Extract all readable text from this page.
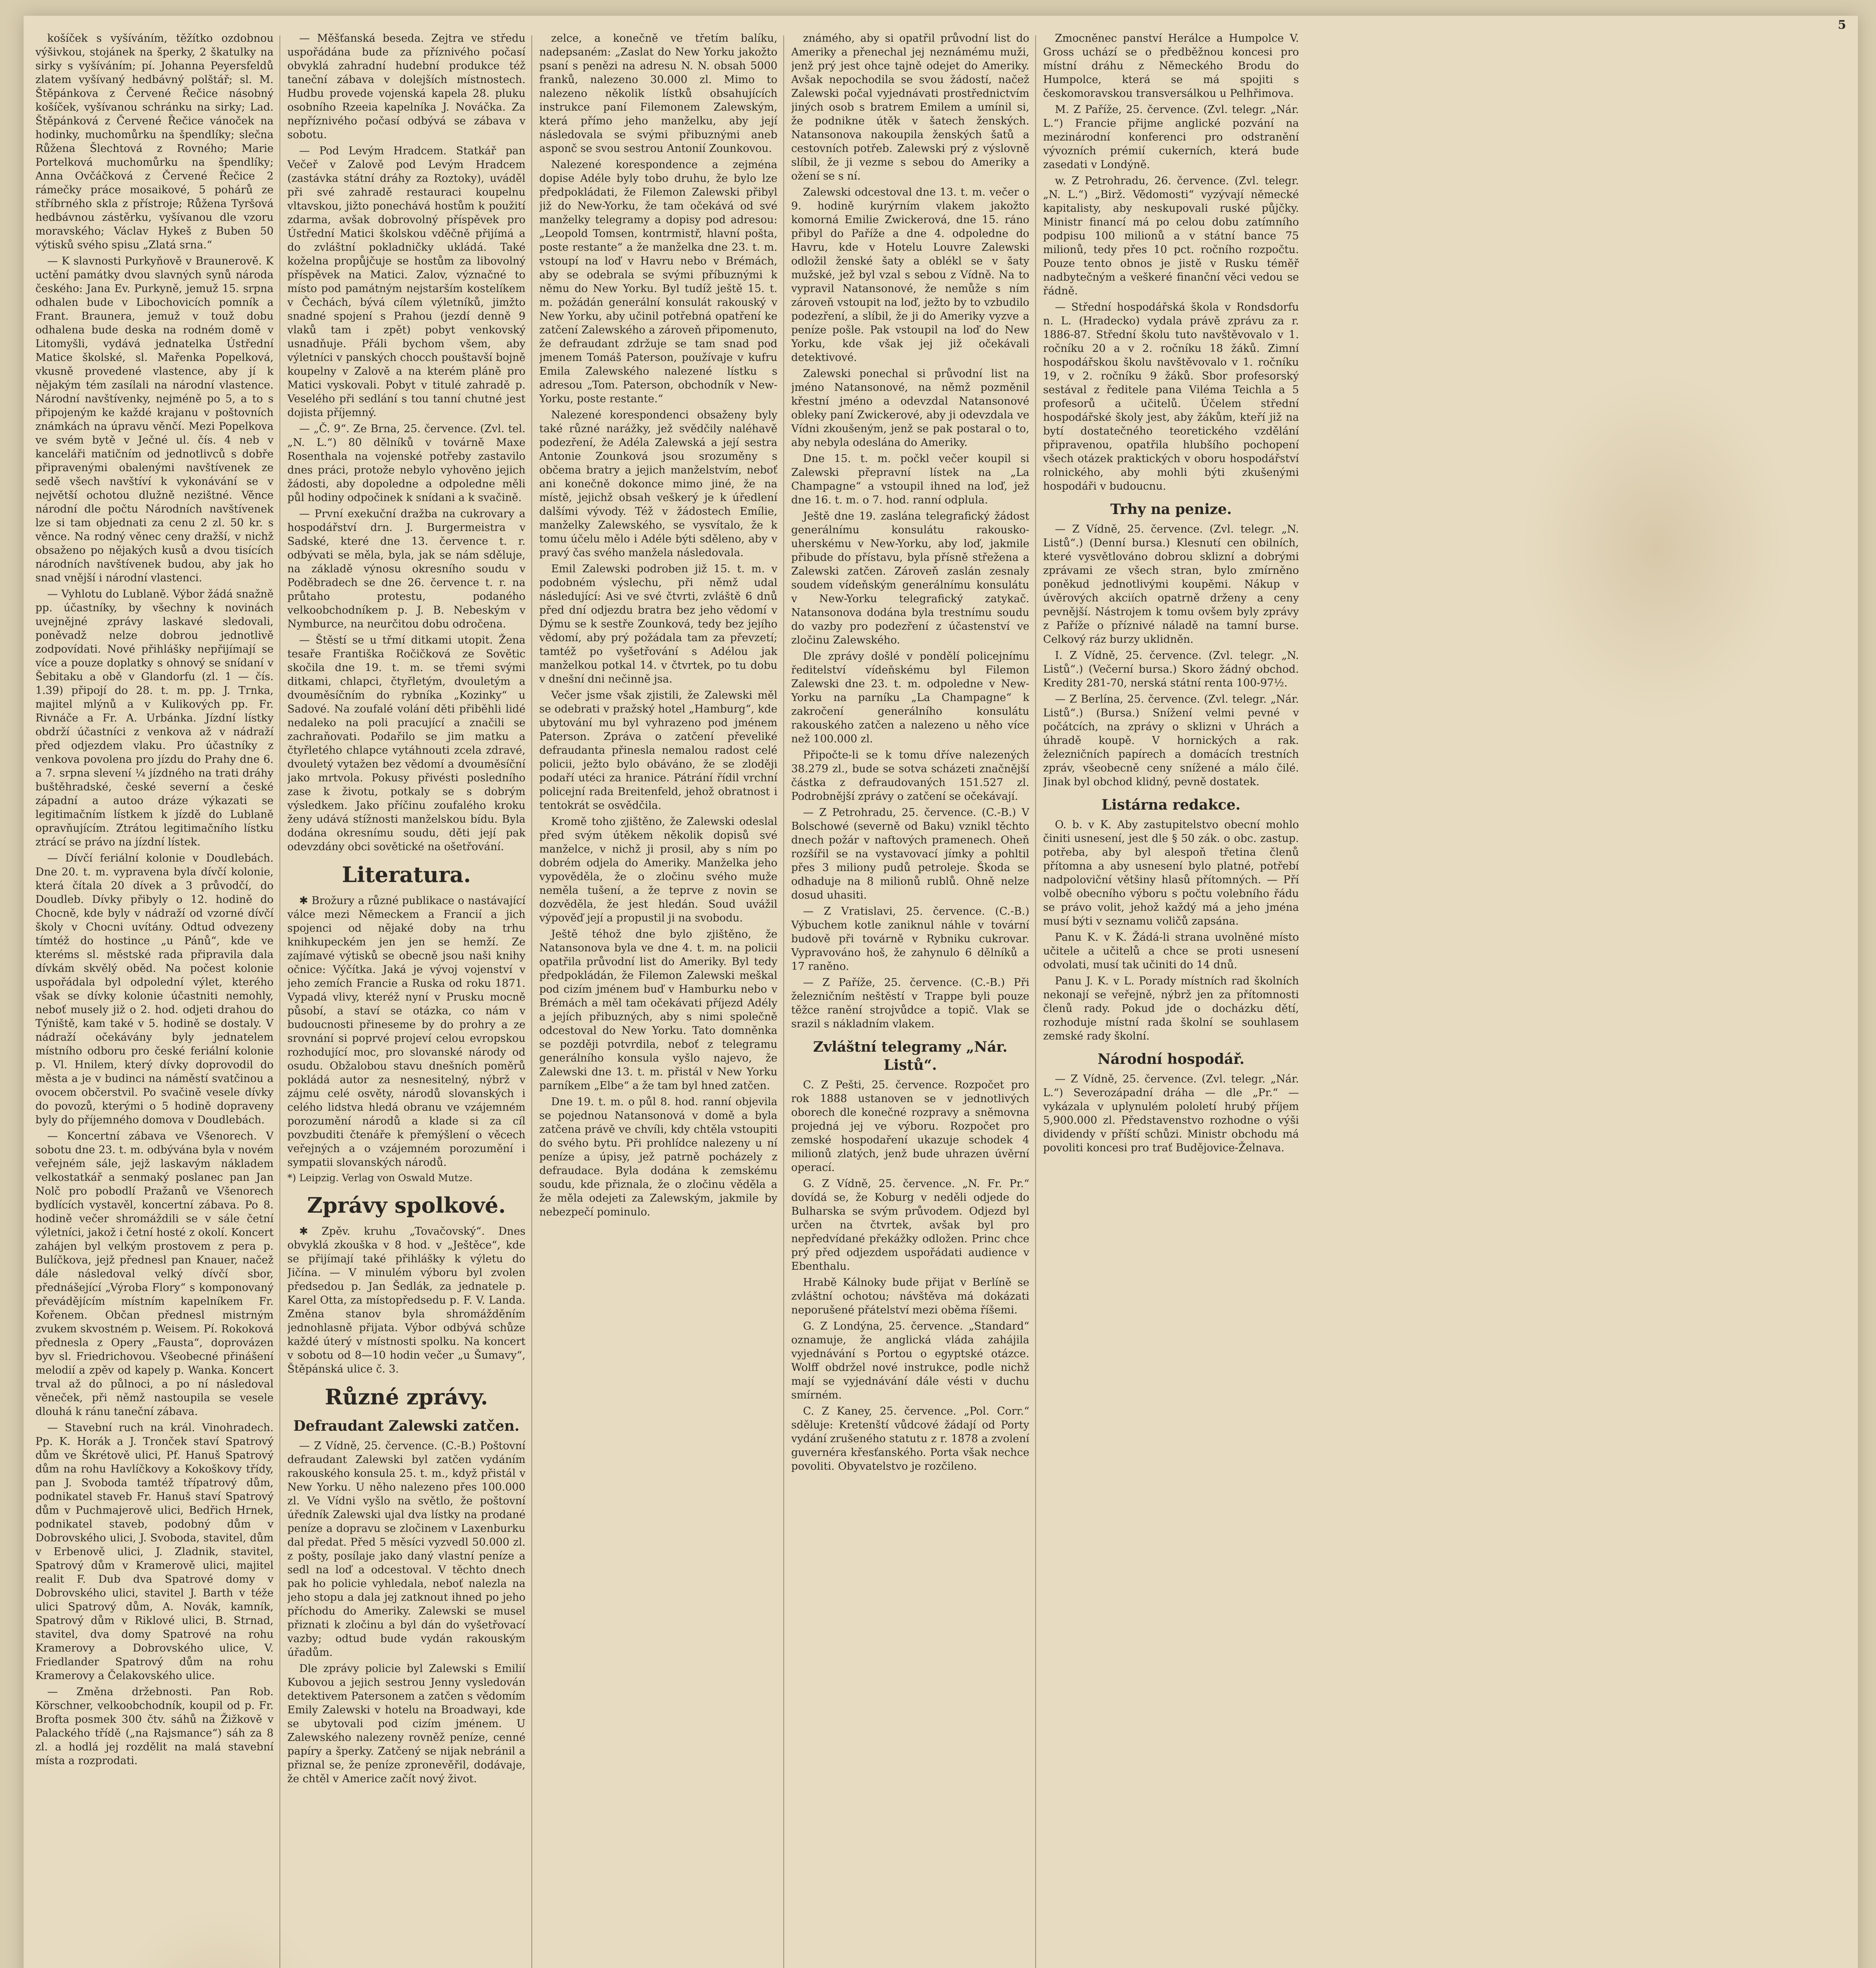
5

košíček s vyšíváním, těžítko ozdobnou výšivkou, stojánek na šperky, 2 škatulky na sirky s vyšíváním; pí. Johanna Peyersfeldů zlatem vyšívaný hedbávný polštář; sl. M. Štěpánkova z Červené Řečice násobný košíček, vyšívanou schránku na sirky; Lad. Štěpánková z Červené Řečice vánoček na hodinky, muchomůrku na špendlíky; slečna Růžena Šlechtová z Rovného; Marie Portelková muchomůrku na špendlíky; Anna Ovčáčková z Červené Řečice 2 rámečky práce mosaikové, 5 pohárů ze stříbrného skla z přístroje; Růžena Tyršová hedbávnou zástěrku, vyšívanou dle vzoru moravského; Václav Hykeš z Buben 50 výtisků svého spisu „Zlatá srna.“

— K slavnosti Purkyňově v Braunerově. K uctění památky dvou slavných synů národa českého: Jana Ev. Purkyně, jemuž 15. srpna odhalen bude v Libochovicích pomník a Frant. Braunera, jemuž v touž dobu odhalena bude deska na rodném domě v Litomyšli, vydává jednatelka Ústřední Matice školské, sl. Mařenka Popelková, vkusně provedené vlastence, aby jí k nějakým tém zasílali na národní vlastence. Národní navštívenky, nejméně po 5, a to s připojeným ke každé krajanu v poštovních známkách na úpravu věnčí. Mezi Popelkova ve svém bytě v Ječné ul. čís. 4 neb v kanceláři matičním od jednotlivců s dobře připravenými obalenými navštívenek ze sedě všech navštíví k vykonávání se v největší ochotou dlužně nezištné. Věnce národní dle počtu Národních navštívenek lze si tam objednati za cenu 2 zl. 50 kr. s věnce. Na rodný věnec ceny dražší, v nichž obsaženo po nějakých kusů a dvou tisících národních navštívenek budou, aby jak ho snad vnější i národní vlastenci.

— Vyhlotu do Lublaně. Výbor žádá snažně pp. účastníky, by všechny k novinách uvejnějné zprávy laskavé sledovali, poněvadž nelze dobrou jednotlivě zodpovídati. Nové přihlášky nepřijímají se více a pouze doplatky s ohnový se snídaní v Šebitaku a obě v Glandorfu (zl. 1 — čís. 1.39) připojí do 28. t. m. pp. J. Trnka, majitel mlýnů a v Kulikových pp. Fr. Rivnáče a Fr. A. Urbánka. Jízdní lístky obdrží účastníci z venkova až v nádraží před odjezdem vlaku. Pro účastníky z venkova povolena pro jízdu do Prahy dne 6. a 7. srpna slevení ¼ jízdného na trati dráhy buštěhradské, české severní a české západní a autoo dráze výkazati se legitimačním lístkem k jízdě do Lublaně opravňujícím. Ztrátou legitimačního lístku ztrácí se právo na jízdní lístek.

— Dívčí feriální kolonie v Doudlebách. Dne 20. t. m. vypravena byla dívčí kolonie, která čítala 20 dívek a 3 průvodčí, do Doudleb. Dívky přibyly o 12. hodině do Chocně, kde byly v nádraží od vzorné dívčí školy v Chocni uvítány. Odtud odvezeny tímtéž do hostince „u Pánů“, kde ve kteréms sl. městské rada připravila dala dívkám skvělý oběd. Na počest kolonie uspořádala byl odpolední výlet, kterého však se dívky kolonie účastniti nemohly, neboť musely již o 2. hod. odjeti drahou do Týniště, kam také v 5. hodině se dostaly. V nádraží očekávány byly jednatelem místního odboru pro české feriální kolonie p. Vl. Hnilem, který dívky doprovodil do města a je v budinci na náměstí svatčinou a ovocem občerstvil. Po svačině vesele dívky do povozů, kterými o 5 hodině dopraveny byly do příjemného domova v Doudlebách.

— Koncertní zábava ve Všenorech. V sobotu dne 23. t. m. odbývána byla v novém veřejném sále, jejž laskavým nákladem velkostatkář a senmaký poslanec pan Jan Nolč pro pobodlí Pražanů ve Všenorech bydlících vystavěl, koncertní zábava. Po 8. hodině večer shromáždili se v sále četní výletníci, jakož i četní hosté z okolí. Koncert zahájen byl velkým prostovem z pera p. Bulíčkova, jejž přednesl pan Knauer, načež dále následoval velký dívčí sbor, přednášející „Výroba Flory“ s komponovaný převádějícím místním kapelníkem Fr. Kořenem. Občan přednesl mistrným zvukem skvostném p. Weisem. Pí. Rokoková přednesla z Opery „Fausta“, doprovázen byv sl. Friedrichovou. Všeobecné přinášení melodií a zpěv od kapely p. Wanka. Koncert trval až do půlnoci, a po ní následoval věneček, při němž nastoupila se vesele dlouhá k ránu taneční zábava.

— Stavební ruch na král. Vinohradech. Pp. K. Horák a J. Tronček staví Spatrový dům ve Škrétově ulici, Pf. Hanuš Spatrový dům na rohu Havlíčkovy a Kokoškovy třídy, pan J. Svoboda tamtéž třípatrový dům, podnikatel staveb Fr. Hanuš staví Spatrový dům v Puchmajerově ulici, Bedřich Hrnek, podnikatel staveb, podobný dům v Dobrovského ulici, J. Svoboda, stavitel, dům v Erbenově ulici, J. Zladnik, stavitel, Spatrový dům v Kramerově ulici, majitel realit F. Dub dva Spatrové domy v Dobrovského ulici, stavitel J. Barth v téže ulici Spatrový dům, A. Novák, kamník, Spatrový dům v Riklové ulici, B. Strnad, stavitel, dva domy Spatrové na rohu Kramerovy a Dobrovského ulice, V. Friedlander Spatrový dům na rohu Kramerovy a Čelakovského ulice.

— Změna držebnosti. Pan Rob. Körschner, velkoobchodník, koupil od p. Fr. Brofta posmek 300 čtv. sáhů na Žižkově v Palackého třídě („na Rajsmance“) sáh za 8 zl. a hodlá jej rozdělit na malá stavební místa a rozprodati.

— Měšťanská beseda. Zejtra ve středu uspořádána bude za příznivého počasí obvyklá zahradní hudební produkce též taneční zábava v dolejších místnostech. Hudbu provede vojenská kapela 28. pluku osobního Rzeeia kapelníka J. Nováčka. Za nepříznivého počasí odbývá se zábava v sobotu.

— Pod Levým Hradcem. Statkář pan Večeř v Zalově pod Levým Hradcem (zastávka státní dráhy za Roztoky), uváděl při své zahradě restauraci koupelnu vltavskou, jižto ponechává hostům k použití zdarma, avšak dobrovolný příspěvek pro Ústřední Matici školskou vděčně přijímá a do zvláštní pokladničky ukládá. Také koželna propůjčuje se hostům za libovolný příspěvek na Matici. Zalov, význačné to místo pod památným nejstarším kostelíkem v Čechách, bývá cílem výletníků, jimžto snadné spojení s Prahou (jezdí denně 9 vlaků tam i zpět) pobyt venkovský usnadňuje. Přáli bychom všem, aby výletníci v panských chocch pouštavší bojně koupelny v Zalově a na kterém pláně pro Matici vyskovali. Pobyt v titulé zahradě p. Veselého při sedlání s tou tanní chutné jest dojista příjemný.

— „Č. 9“. Ze Brna, 25. července. (Zvl. tel. „N. L.“) 80 dělníků v továrně Maxe Rosenthala na vojenské potřeby zastavilo dnes práci, protože nebylo vyhověno jejich žádosti, aby dopoledne a odpoledne měli půl hodiny odpočinek k snídani a k svačině.

— První exekuční dražba na cukrovary a hospodářství drn. J. Burgermeistra v Sadské, které dne 13. července t. r. odbývati se měla, byla, jak se nám sděluje, na základě výnosu okresního soudu v Poděbradech se dne 26. července t. r. na průtaho protestu, podaného velkoobchodníkem p. J. B. Nebeským v Nymburce, na neurčitou dobu odročena.

— Štěstí se u třmí ditkami utopit. Žena tesaře Františka Ročičková ze Sovětic skočila dne 19. t. m. se třemi svými ditkami, chlapci, čtyřletým, dvouletým a dvouměsíčním do rybníka „Kozinky“ u Sadové. Na zoufalé volání děti přiběhli lidé nedaleko na poli pracující a značili se zachraňovati. Podařilo se jim matku a čtyřletého chlapce vytáhnouti zcela zdravé, dvouletý vytažen bez vědomí a dvouměsíční jako mrtvola. Pokusy přivésti posledního zase k životu, potkaly se s dobrým výsledkem. Jako příčinu zoufalého kroku ženy udává stížnosti manželskou bídu. Byla dodána okresnímu soudu, děti její pak odevzdány obci sovětické na ošetřování.

Literatura.

✱ Brožury a různé publikace o nastávající válce mezi Německem a Francií a jich spojenci od nějaké doby na trhu knihkupeckém jen jen se hemží. Ze zajímavé výtisků se obecně jsou naši knihy očnice: Výčítka. Jaká je vývoj vojenství v jeho zemích Francie a Ruska od roku 1871. Vypadá vlivy, kteréž nyní v Prusku mocně působí, a staví se otázka, co nám v budoucnosti přineseme by do prohry a ze srovnání si poprvé projeví celou evropskou rozhodující moc, pro slovanské národy od osudu. Obžalobou stavu dnešních poměrů pokládá autor za nesnesitelný, nýbrž v zájmu celé osvěty, národů slovanských i celého lidstva hledá obranu ve vzájemném porozumění národů a klade si za cíl povzbuditi čtenáře k přemýšlení o věcech veřejných a o vzájemném porozumění i sympatii slovanských národů.

*) Leipzig. Verlag von Oswald Mutze.

Zprávy spolkové.

✱ Zpěv. kruhu „Tovačovský“. Dnes obvyklá zkouška v 8 hod. v „Ještěce“, kde se přijímají také přihlášky k výletu do Jičína. — V minulém výboru byl zvolen předsedou p. Jan Šedlák, za jednatele p. Karel Otta, za místopředsedu p. F. V. Landa. Změna stanov byla shromážděním jednohlasně přijata. Výbor odbývá schůze každé úterý v místnosti spolku. Na koncert v sobotu od 8—10 hodin večer „u Šumavy“, Štěpánská ulice č. 3.

Různé zprávy.
Defraudant Zalewski zatčen.

— Z Vídně, 25. července. (C.-B.) Poštovní defraudant Zalewski byl zatčen vydáním rakouského konsula 25. t. m., když přistál v New Yorku. U něho nalezeno přes 100.000 zl. Ve Vídni vyšlo na světlo, že poštovní úředník Zalewski ujal dva lístky na prodané peníze a dopravu se zločinem v Laxenburku dal předat. Před 5 měsíci vyzvedl 50.000 zl. z pošty, posílaje jako daný vlastní peníze a sedl na loď a odcestoval. V těchto dnech pak ho policie vyhledala, neboť nalezla na jeho stopu a dala jej zatknout ihned po jeho příchodu do Ameriky. Zalewski se musel přiznati k zločinu a byl dán do vyšetřovací vazby; odtud bude vydán rakouským úřadům.

Dle zprávy policie byl Zalewski s Emilií Kubovou a jejich sestrou Jenny vysledován detektivem Patersonem a zatčen s vědomím Emily Zalewski v hotelu na Broadwayi, kde se ubytovali pod cizím jménem. U Zalewského nalezeny rovněž peníze, cenné papíry a šperky. Zatčený se nijak nebránil a přiznal se, že peníze zpronevěřil, dodávaje, že chtěl v Americe začít nový život.

zelce, a konečně ve třetím balíku, nadepsaném: „Zaslat do New Yorku jakožto psaní s penězi na adresu N. N. obsah 5000 franků, nalezeno 30.000 zl. Mimo to nalezeno několik lístků obsahujících instrukce paní Filemonem Zalewským, která přímo jeho manželku, aby její následovala se svými přibuznými aneb asponč se svou sestrou Antonií Zounkovou.

Nalezené korespondence a zejména dopise Adéle byly tobo druhu, že bylo lze předpokládati, že Filemon Zalewski přibyl již do New-Yorku, že tam očekává od své manželky telegramy a dopisy pod adresou: „Leopold Tomsen, kontrmistř, hlavní pošta, poste restante“ a že manželka dne 23. t. m. vstoupí na loď v Havru nebo v Brémách, aby se odebrala se svými příbuznými k němu do New Yorku. Byl tudíž ještě 15. t. m. požádán generální konsulát rakouský v New Yorku, aby učinil potřebná opatření ke zatčení Zalewského a zároveň připomenuto, že defraudant zdržuje se tam snad pod jmenem Tomáš Paterson, používaje v kufru Emila Zalewského nalezené lístku s adresou „Tom. Paterson, obchodník v New-Yorku, poste restante.“

Nalezené korespondenci obsaženy byly také různé narážky, jež svědčily naléhavě podezření, že Adéla Zalewská a její sestra Antonie Zounková jsou srozuměny s občema bratry a jejich manželstvím, neboť ani konečně dokonce mimo jiné, že na místě, jejichž obsah veškerý je k úředlení dalšími vývody. Též v žádostech Emílie, manželky Zalewského, se vysvítalo, že k tomu účelu mělo i Adéle býti sděleno, aby v pravý čas svého manžela následovala.

Emil Zalewski podroben již 15. t. m. v podobném výslechu, při němž udal následující: Asi ve své čtvrti, zvláště 6 dnů před dní odjezdu bratra bez jeho vědomí v Dýmu se k sestře Zounková, tedy bez jejího vědomí, aby prý požádala tam za převzetí; tamtéž po vyšetřování s Adélou jak manželkou potkal 14. v čtvrtek, po tu dobu v dnešní dni nečinně jsa.

Večer jsme však zjistili, že Zalewski měl se odebrati v pražský hotel „Hamburg“, kde ubytování mu byl vyhrazeno pod jménem Paterson. Zpráva o zatčení převeliké defraudanta přinesla nemalou radost celé policii, ježto bylo obáváno, že se zloději podaří utéci za hranice. Pátrání řídil vrchní policejní rada Breitenfeld, jehož obratnost i tentokrát se osvědčila.

Kromě toho zjištěno, že Zalewski odeslal před svým útěkem několik dopisů své manželce, v nichž ji prosil, aby s ním po dobrém odjela do Ameriky. Manželka jeho vypověděla, že o zločinu svého muže neměla tušení, a že teprve z novin se dozvěděla, že jest hledán. Soud uvážil výpověď její a propustil ji na svobodu.

Ještě téhož dne bylo zjištěno, že Natansonova byla ve dne 4. t. m. na policii opatřila průvodní list do Ameriky. Byl tedy předpokládán, že Filemon Zalewski meškal pod cizím jménem buď v Hamburku nebo v Brémách a měl tam očekávati příjezd Adély a jejích přibuzných, aby s nimi společně odcestoval do New Yorku. Tato domněnka se později potvrdila, neboť z telegramu generálního konsula vyšlo najevo, že Zalewski dne 13. t. m. přistál v New Yorku parníkem „Elbe“ a že tam byl hned zatčen.

Dne 19. t. m. o půl 8. hod. ranní objevila se pojednou Natansonová v domě a byla zatčena právě ve chvíli, kdy chtěla vstoupiti do svého bytu. Při prohlídce nalezeny u ní peníze a úpisy, jež patrně pocházely z defraudace. Byla dodána k zemskému soudu, kde přiznala, že o zločinu věděla a že měla odejeti za Zalewským, jakmile by nebezpečí pominulo.

známého, aby si opatřil průvodní list do Ameriky a přenechal jej neznámému muži, jenž prý jest ohce tajně odejet do Ameriky. Avšak nepochodila se svou žádostí, načež Zalewski počal vyjednávati prostřednictvím jiných osob s bratrem Emilem a umínil si, že podnikne útěk v šatech ženských. Natansonova nakoupila ženských šatů a cestovních potřeb. Zalewski prý z výslovně slíbil, že ji vezme s sebou do Ameriky a ožení se s ní.

Zalewski odcestoval dne 13. t. m. večer o 9. hodině kurýrním vlakem jakožto komorná Emilie Zwickerová, dne 15. ráno přibyl do Paříže a dne 4. odpoledne do Havru, kde v Hotelu Louvre Zalewski odložil ženské šaty a oblékl se v šaty mužské, jež byl vzal s sebou z Vídně. Na to vypravil Natansonové, že nemůže s ním zároveň vstoupit na loď, ježto by to vzbudilo podezření, a slíbil, že ji do Ameriky vyzve a peníze pošle. Pak vstoupil na loď do New Yorku, kde však jej již očekávali detektivové.

Zalewski ponechal si průvodní list na jméno Natansonové, na němž pozměnil křestní jméno a odevzdal Natansonové obleky paní Zwickerové, aby ji odevzdala ve Vídni zkoušeným, jenž se pak postaral o to, aby nebyla odeslána do Ameriky.

Dne 15. t. m. počkl večer koupil si Zalewski přepravní lístek na „La Champagne“ a vstoupil ihned na loď, jež dne 16. t. m. o 7. hod. ranní odplula.

Ještě dne 19. zaslána telegrafický žádost generálnímu konsulátu rakousko-uherskému v New-Yorku, aby loď, jakmile přibude do přístavu, byla přísně střežena a Zalewski zatčen. Zároveň zaslán zesnaly soudem vídeňským generálnímu konsulátu v New-Yorku telegrafický zatykač. Natansonova dodána byla trestnímu soudu do vazby pro podezření z účastenství ve zločinu Zalewského.

Dle zprávy došlé v pondělí policejnímu ředitelství vídeňskému byl Filemon Zalewski dne 23. t. m. odpoledne v New-Yorku na parníku „La Champagne“ k zakročení generálního konsulátu rakouského zatčen a nalezeno u něho více než 100.000 zl.

Připočte-li se k tomu dříve nalezených 38.279 zl., bude se sotva scházeti značnější částka z defraudovaných 151.527 zl. Podrobnější zprávy o zatčení se očekávají.

— Z Petrohradu, 25. července. (C.-B.) V Bolschowé (severně od Baku) vznikl těchto dnech požár v naftových pramenech. Oheň rozšířil se na vystavovací jímky a pohltil přes 3 miliony pudů petroleje. Škoda se odhaduje na 8 milionů rublů. Ohně nelze dosud uhasiti.

— Z Vratislavi, 25. července. (C.-B.) Výbuchem kotle zaniknul náhle v tovární budově při továrně v Rybniku cukrovar. Vypravováno hoš, že zahynulo 6 dělníků a 17 raněno.

— Z Paříže, 25. července. (C.-B.) Při železničním neštěstí v Trappe byli pouze těžce ranění strojvůdce a topič. Vlak se srazil s nákladním vlakem.

Zvláštní telegramy „Nár. Listů“.

C. Z Pešti, 25. července. Rozpočet pro rok 1888 ustanoven se v jednotlivých oborech dle konečné rozpravy a sněmovna projedná jej ve výboru. Rozpočet pro zemské hospodaření ukazuje schodek 4 milionů zlatých, jenž bude uhrazen úvěrní operací.

G. Z Vídně, 25. července. „N. Fr. Pr.“ dovídá se, že Koburg v neděli odjede do Bulharska se svým průvodem. Odjezd byl určen na čtvrtek, avšak byl pro nepředvídané překážky odložen. Princ chce prý před odjezdem uspořádati audience v Ebenthalu.

Hrabě Kálnoky bude přijat v Berlíně se zvláštní ochotou; návštěva má dokázati neporušené přátelství mezi oběma říšemi.

G. Z Londýna, 25. července. „Standard“ oznamuje, že anglická vláda zahájila vyjednávání s Portou o egyptské otázce. Wolff obdržel nové instrukce, podle nichž mají se vyjednávání dále vésti v duchu smírném.

C. Z Kaney, 25. července. „Pol. Corr.“ sděluje: Kretenští vůdcové žádají od Porty vydání zrušeného statutu z r. 1878 a zvolení guvernéra křesťanského. Porta však nechce povoliti. Obyvatelstvo je rozčileno.

Zmocněnec panství Herálce a Humpolce V. Gross uchází se o předběžnou koncesi pro místní dráhu z Německého Brodu do Humpolce, která se má spojiti s českomoravskou transversálkou u Pelhřimova.

M. Z Paříže, 25. července. (Zvl. telegr. „Nár. L.“) Francie přijme anglické pozvání na mezinárodní konferenci pro odstranění vývozních prémií cukerních, která bude zasedati v Londýně.

w. Z Petrohradu, 26. července. (Zvl. telegr. „N. L.“) „Birž. Vědomosti“ vyzývají německé kapitalisty, aby neskupovali ruské půjčky. Ministr financí má po celou dobu zatímního podpisu 100 milionů a v státní bance 75 milionů, tedy přes 10 pct. ročního rozpočtu. Pouze tento obnos je jistě v Rusku téměř nadbytečným a veškeré finanční věci vedou se řádně.

— Střední hospodářská škola v Rondsdorfu n. L. (Hradecko) vydala právě zprávu za r. 1886-87. Střední školu tuto navštěvovalo v 1. ročníku 20 a v 2. ročníku 18 žáků. Zimní hospodářskou školu navštěvovalo v 1. ročníku 19, v 2. ročníku 9 žáků. Sbor profesorský sestával z ředitele pana Viléma Teichla a 5 profesorů a učitelů. Účelem střední hospodářské školy jest, aby žákům, kteří již na bytí dostatečného teoretického vzdělání připravenou, opatřila hlubšího pochopení všech otázek praktických v oboru hospodářství rolnického, aby mohli býti zkušenými hospodáři v budoucnu.

Trhy na penize.

— Z Vídně, 25. července. (Zvl. telegr. „N. Listů“.) (Denní bursa.) Klesnutí cen obilních, které vysvětlováno dobrou sklizní a dobrými zprávami ze všech stran, bylo zmírněno poněkud jednotlivými koupěmi. Nákup v úvěrových akciích opatrně drženy a ceny pevnější. Nástrojem k tomu ovšem byly zprávy z Paříže o příznivé náladě na tamní burse. Celkový ráz burzy uklidněn.

I. Z Vídně, 25. července. (Zvl. telegr. „N. Listů“.) (Večerní bursa.) Skoro žádný obchod. Kredity 281-70, nerská státní renta 100-97½.

— Z Berlína, 25. července. (Zvl. telegr. „Nár. Listů“.) (Bursa.) Snížení velmi pevné v počátcích, na zprávy o sklizni v Uhrách a úhradě koupě. V hornických a rak. železničních papírech a domácích trestních zpráv, všeobecně ceny snížené a málo čilé. Jinak byl obchod klidný, pevně dostatek.

Listárna redakce.

O. b. v K. Aby zastupitelstvo obecní mohlo činiti usnesení, jest dle § 50 zák. o obc. zastup. potřeba, aby byl alespoň třetina členů přítomna a aby usnesení bylo platné, potřebí nadpoloviční většiny hlasů přítomných. — Pří volbě obecního výboru s počtu volebního řádu se právo volit, jehož každý má a jeho jména musí býti v seznamu voličů zapsána.

Panu K. v K. Žádá-li strana uvolněné místo učitele a učitelů a chce se proti usnesení odvolati, musí tak učiniti do 14 dnů.

Panu J. K. v L. Porady místních rad školních nekonají se veřejně, nýbrž jen za přítomnosti členů rady. Pokud jde o docházku dětí, rozhoduje místní rada školní se souhlasem zemské rady školní.

Národní hospodář.

— Z Vídně, 25. července. (Zvl. telegr. „Nár. L.“) Severozápadní dráha — dle „Pr.“ — vykázala v uplynulém pololetí hrubý příjem 5,900.000 zl. Představenstvo rozhodne o výši dividendy v příští schůzi. Ministr obchodu má povoliti koncesi pro trať Budějovice-Želnava.
